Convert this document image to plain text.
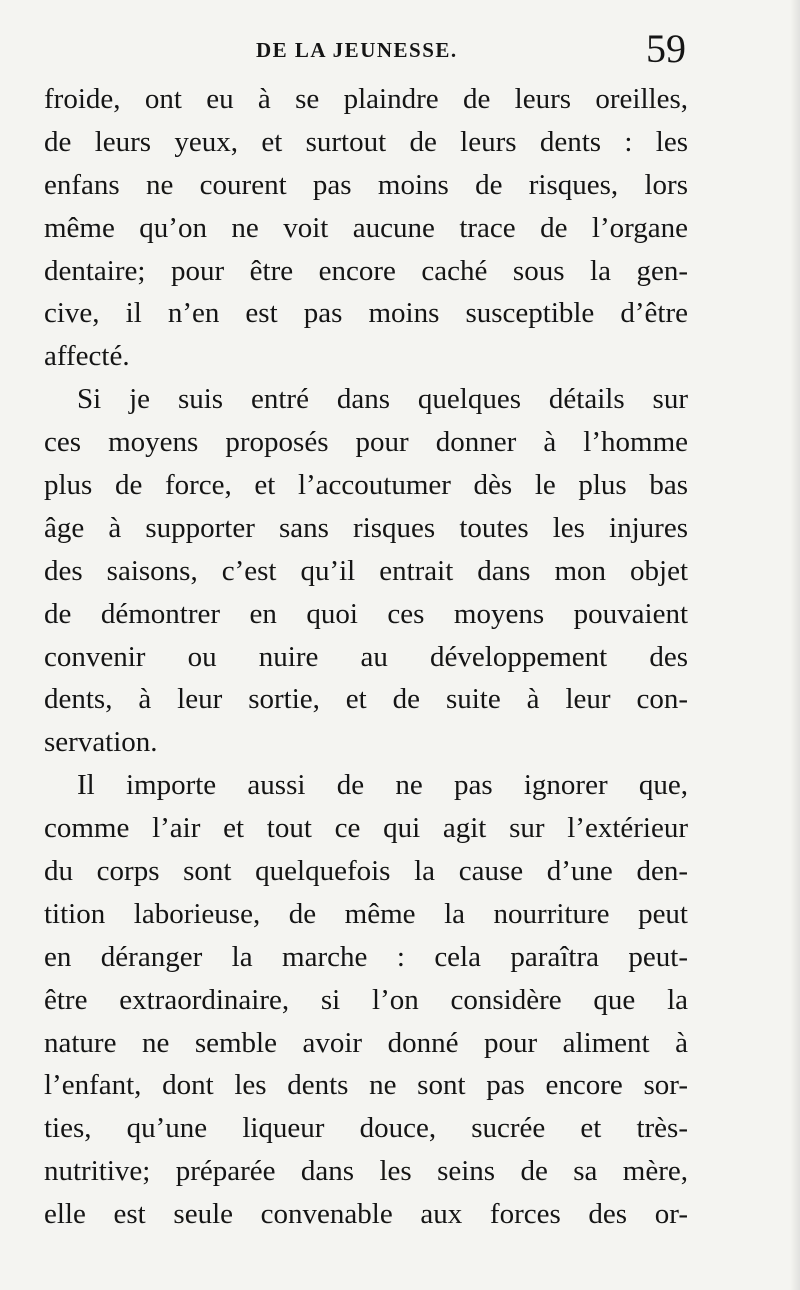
DE LA JEUNESSE.	59
froide, ont eu à se plaindre de leurs oreilles,
de leurs yeux, et surtout de leurs dents : les
enfans ne courent pas moins de risques, lors
même qu’on ne voit aucune trace de l’organe
dentaire; pour être encore caché sous la gen-
cive, il n’en est pas moins susceptible d’être
affecté.
Si je suis entré dans quelques détails sur
ces moyens proposés pour donner à l’homme
plus de force, et l’accoutumer dès le plus bas
âge à supporter sans risques toutes les injures
des saisons, c’est qu’il entrait dans mon objet
de démontrer en quoi ces moyens pouvaient
convenir ou nuire au développement des
dents, à leur sortie, et de suite à leur con-
servation.
Il importe aussi de ne pas ignorer que,
comme l’air et tout ce qui agit sur l’extérieur
du corps sont quelquefois la cause d’une den-
tition laborieuse, de même la nourriture peut
en déranger la marche : cela paraîtra peut-
être extraordinaire, si l’on considère que la
nature ne semble avoir donné pour aliment à
l’enfant, dont les dents ne sont pas encore sor-
ties, qu’une liqueur douce, sucrée et très-
nutritive; préparée dans les seins de sa mère,
elle est seule convenable aux forces des or-
